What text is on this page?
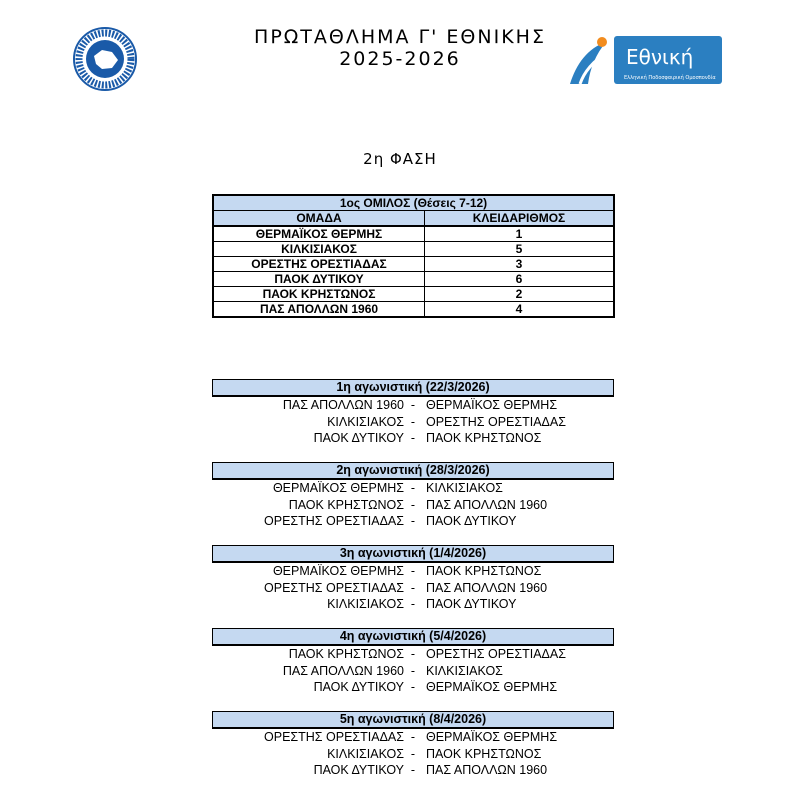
ΠΡΩΤΑΘΛΗΜΑ Γ' ΕΘΝΙΚΗΣ
2025-2026	Εθνική
Ελληνική Ποδοσφαιρική Ομοσπονδία
2η ΦΑΣΗ
1ος ΟΜΙΛΟΣ (Θέσεις 7-12)	
ΟΜΑΔΑ	ΚΛΕΙΔΑΡΙΘΜΟΣ
ΘΕΡΜΑΪΚΟΣ ΘΕΡΜΗΣ	1
ΚΙΛΚΙΣΙΑΚΟΣ	5
ΟΡΕΣΤΗΣ ΟΡΕΣΤΙΑΔΑΣ	3
ΠΑΟΚ ΔΥΤΙΚΟΥ	6
ΠΑΟΚ ΚΡΗΣΤΩΝΟΣ	2
ΠΑΣ ΑΠΟΛΛΩΝ 1960	4
1η αγωνιστική (22/3/2026)
ΠΑΣ ΑΠΟΛΛΩΝ 1960 - ΘΕΡΜΑΪΚΟΣ ΘΕΡΜΗΣ
ΚΙΛΚΙΣΙΑΚΟΣ - ΟΡΕΣΤΗΣ ΟΡΕΣΤΙΑΔΑΣ
ΠΑΟΚ ΔΥΤΙΚΟΥ - ΠΑΟΚ ΚΡΗΣΤΩΝΟΣ
2η αγωνιστική (28/3/2026)
ΘΕΡΜΑΪΚΟΣ ΘΕΡΜΗΣ - ΚΙΛΚΙΣΙΑΚΟΣ
ΠΑΟΚ ΚΡΗΣΤΩΝΟΣ - ΠΑΣ ΑΠΟΛΛΩΝ 1960
ΟΡΕΣΤΗΣ ΟΡΕΣΤΙΑΔΑΣ - ΠΑΟΚ ΔΥΤΙΚΟΥ
3η αγωνιστική (1/4/2026)
ΘΕΡΜΑΪΚΟΣ ΘΕΡΜΗΣ - ΠΑΟΚ ΚΡΗΣΤΩΝΟΣ
ΟΡΕΣΤΗΣ ΟΡΕΣΤΙΑΔΑΣ - ΠΑΣ ΑΠΟΛΛΩΝ 1960
ΚΙΛΚΙΣΙΑΚΟΣ - ΠΑΟΚ ΔΥΤΙΚΟΥ
4η αγωνιστική (5/4/2026)
ΠΑΟΚ ΚΡΗΣΤΩΝΟΣ - ΟΡΕΣΤΗΣ ΟΡΕΣΤΙΑΔΑΣ
ΠΑΣ ΑΠΟΛΛΩΝ 1960 - ΚΙΛΚΙΣΙΑΚΟΣ
ΠΑΟΚ ΔΥΤΙΚΟΥ - ΘΕΡΜΑΪΚΟΣ ΘΕΡΜΗΣ
5η αγωνιστική (8/4/2026)
ΟΡΕΣΤΗΣ ΟΡΕΣΤΙΑΔΑΣ - ΘΕΡΜΑΪΚΟΣ ΘΕΡΜΗΣ
ΚΙΛΚΙΣΙΑΚΟΣ - ΠΑΟΚ ΚΡΗΣΤΩΝΟΣ
ΠΑΟΚ ΔΥΤΙΚΟΥ - ΠΑΣ ΑΠΟΛΛΩΝ 1960
